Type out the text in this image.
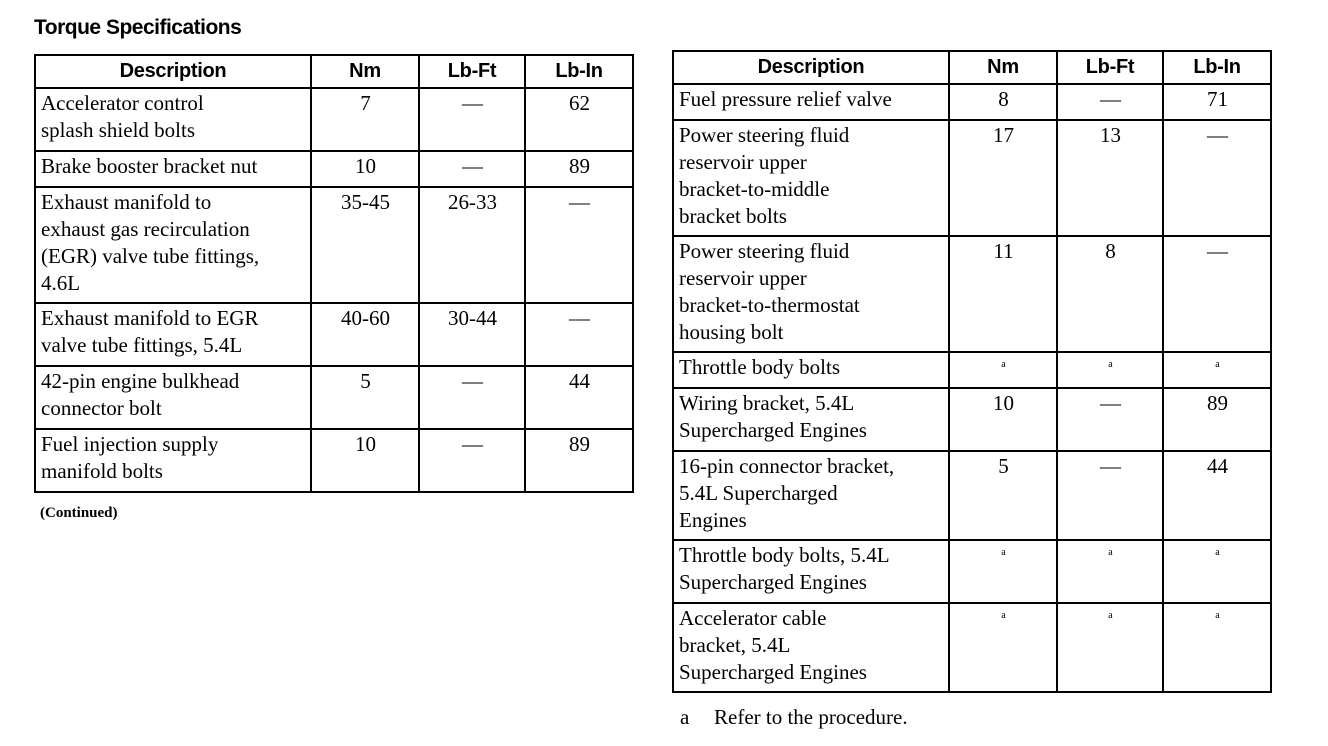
Torque Specifications
Description	Nm	Lb-Ft	Lb-In
Accelerator control
splash shield bolts	7	—	62
Brake booster bracket nut	10	—	89
Exhaust manifold to
exhaust gas recirculation
(EGR) valve tube fittings,
4.6L	35-45	26-33	—
Exhaust manifold to EGR
valve tube fittings, 5.4L	40-60	30-44	—
42-pin engine bulkhead
connector bolt	5	—	44
Fuel injection supply
manifold bolts	10	—	89
(Continued)
Description	Nm	Lb-Ft	Lb-In
Fuel pressure relief valve	8	—	71
Power steering fluid
reservoir upper
bracket-to-middle
bracket bolts	17	13	—
Power steering fluid
reservoir upper
bracket-to-thermostat
housing bolt	11	8	—
Throttle body bolts	a	a	a
Wiring bracket, 5.4L
Supercharged Engines	10	—	89
16-pin connector bracket,
5.4L Supercharged
Engines	5	—	44
Throttle body bolts, 5.4L
Supercharged Engines	a	a	a
Accelerator cable
bracket, 5.4L
Supercharged Engines	a	a	a
a Refer to the procedure.
